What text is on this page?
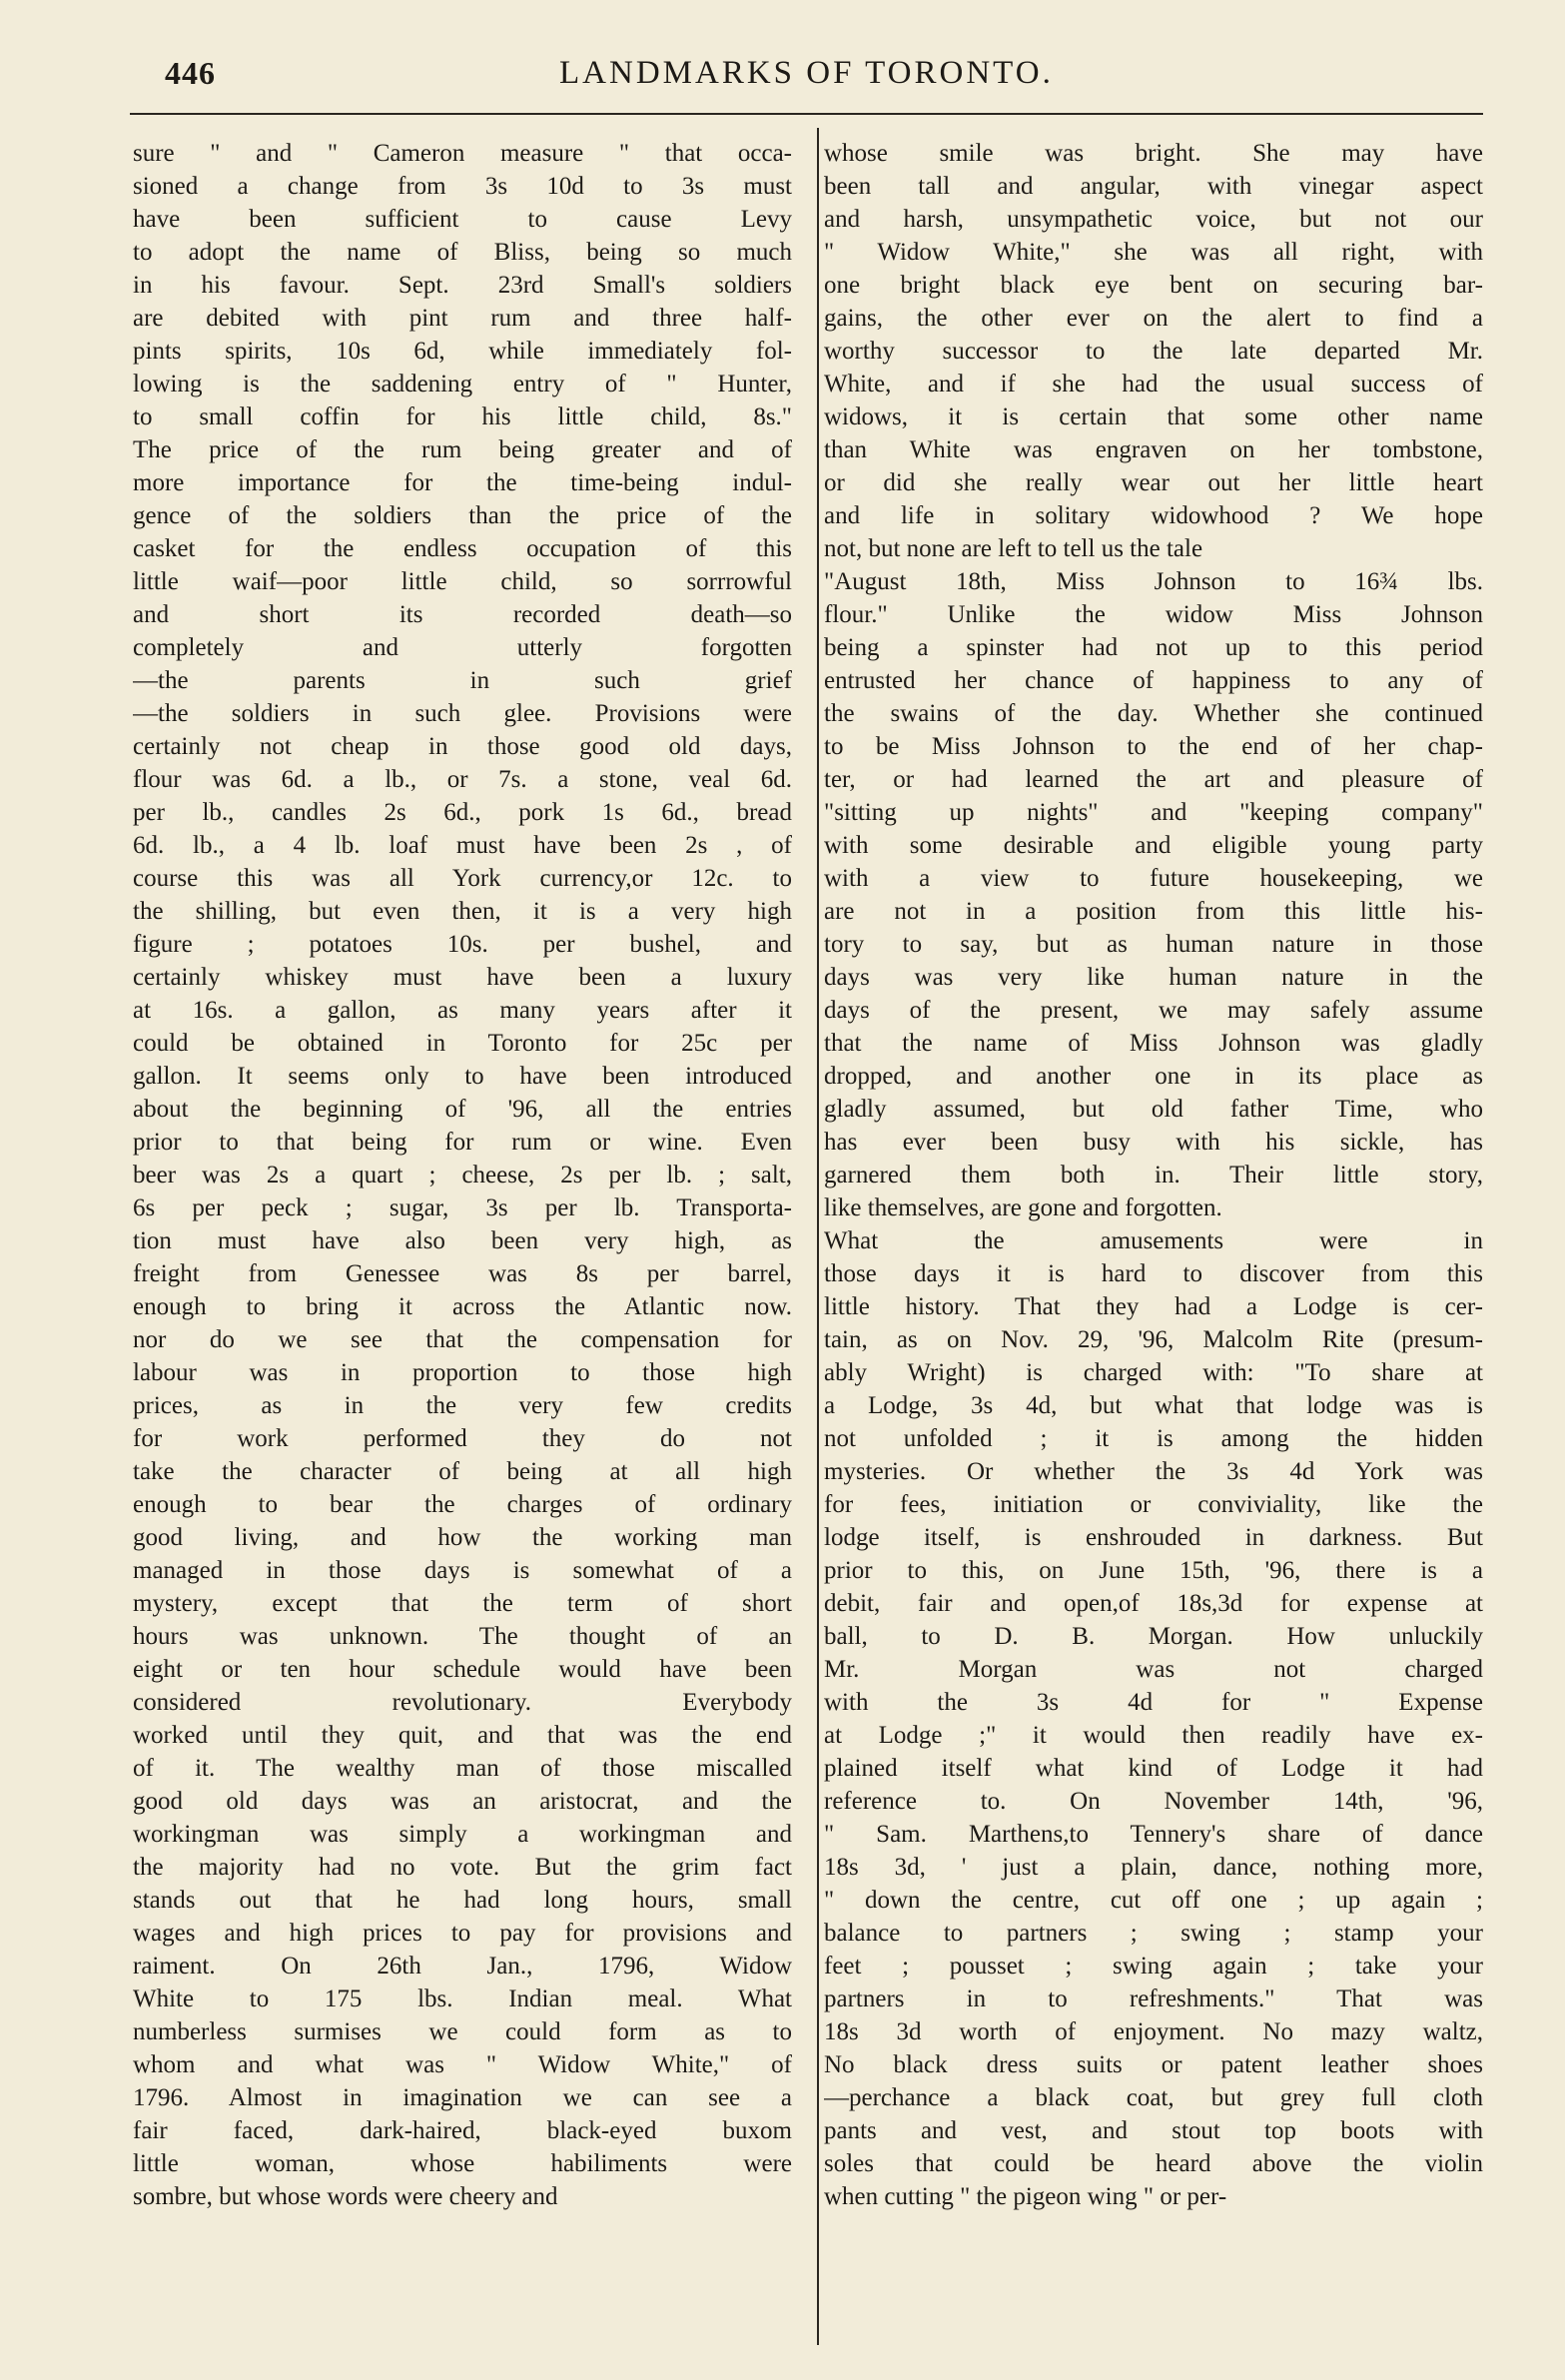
446	LANDMARKS OF TORONTO.

sure " and " Cameron measure " that occa-

sioned a change from 3s 10d to 3s must

have been sufficient to cause Levy

to adopt the name of Bliss, being so much

in his favour. Sept. 23rd Small's soldiers

are debited with pint rum and three half-

pints spirits, 10s 6d, while immediately fol-

lowing is the saddening entry of " Hunter,

to small coffin for his little child, 8s."

The price of the rum being greater and of

more importance for the time-being indul-

gence of the soldiers than the price of the

casket for the endless occupation of this

little waif—poor little child, so sorrrowful

and short its recorded death—so

completely and utterly forgotten

—the parents in such grief

—the soldiers in such glee. Provisions were

certainly not cheap in those good old days,

flour was 6d. a lb., or 7s. a stone, veal 6d.

per lb., candles 2s 6d., pork 1s 6d., bread

6d. lb., a 4 lb. loaf must have been 2s , of

course this was all York currency,or 12c. to

the shilling, but even then, it is a very high

figure ; potatoes 10s. per bushel, and

certainly whiskey must have been a luxury

at 16s. a gallon, as many years after it

could be obtained in Toronto for 25c per

gallon. It seems only to have been introduced

about the beginning of '96, all the entries

prior to that being for rum or wine. Even

beer was 2s a quart ; cheese, 2s per lb. ; salt,

6s per peck ; sugar, 3s per lb. Transporta-

tion must have also been very high, as

freight from Genessee was 8s per barrel,

enough to bring it across the Atlantic now.

nor do we see that the compensation for

labour was in proportion to those high

prices, as in the very few credits

for work performed they do not

take the character of being at all high

enough to bear the charges of ordinary

good living, and how the working man

managed in those days is somewhat of a

mystery, except that the term of short

hours was unknown. The thought of an

eight or ten hour schedule would have been

considered revolutionary. Everybody

worked until they quit, and that was the end

of it. The wealthy man of those miscalled

good old days was an aristocrat, and the

workingman was simply a workingman and

the majority had no vote. But the grim fact

stands out that he had long hours, small

wages and high prices to pay for provisions and

raiment. On 26th Jan., 1796, Widow

White to 175 lbs. Indian meal. What

numberless surmises we could form as to

whom and what was " Widow White," of

1796. Almost in imagination we can see a

fair faced, dark-haired, black-eyed buxom

little woman, whose habiliments were

sombre, but whose words were cheery and

whose smile was bright. She may have

been tall and angular, with vinegar aspect

and harsh, unsympathetic voice, but not our

" Widow White," she was all right, with

one bright black eye bent on securing bar-

gains, the other ever on the alert to find a

worthy successor to the late departed Mr.

White, and if she had the usual success of

widows, it is certain that some other name

than White was engraven on her tombstone,

or did she really wear out her little heart

and life in solitary widowhood ? We hope

not, but none are left to tell us the tale

"August 18th, Miss Johnson to 16¾ lbs.

flour." Unlike the widow Miss Johnson

being a spinster had not up to this period

entrusted her chance of happiness to any of

the swains of the day. Whether she continued

to be Miss Johnson to the end of her chap-

ter, or had learned the art and pleasure of

"sitting up nights" and "keeping company"

with some desirable and eligible young party

with a view to future housekeeping, we

are not in a position from this little his-

tory to say, but as human nature in those

days was very like human nature in the

days of the present, we may safely assume

that the name of Miss Johnson was gladly

dropped, and another one in its place as

gladly assumed, but old father Time, who

has ever been busy with his sickle, has

garnered them both in. Their little story,

like themselves, are gone and forgotten.

What the amusements were in

those days it is hard to discover from this

little history. That they had a Lodge is cer-

tain, as on Nov. 29, '96, Malcolm Rite (presum-

ably Wright) is charged with: "To share at

a Lodge, 3s 4d, but what that lodge was is

not unfolded ; it is among the hidden

mysteries. Or whether the 3s 4d York was

for fees, initiation or conviviality, like the

lodge itself, is enshrouded in darkness. But

prior to this, on June 15th, '96, there is a

debit, fair and open,of 18s,3d for expense at

ball, to D. B. Morgan. How unluckily

Mr. Morgan was not charged

with the 3s 4d for " Expense

at Lodge ;" it would then readily have ex-

plained itself what kind of Lodge it had

reference to. On November 14th, '96,

" Sam. Marthens,to Tennery's share of dance

18s 3d, ' just a plain, dance, nothing more,

" down the centre, cut off one ; up again ;

balance to partners ; swing ; stamp your

feet ; pousset ; swing again ; take your

partners in to refreshments." That was

18s 3d worth of enjoyment. No mazy waltz,

No black dress suits or patent leather shoes

—perchance a black coat, but grey full cloth

pants and vest, and stout top boots with

soles that could be heard above the violin

when cutting " the pigeon wing " or per-
